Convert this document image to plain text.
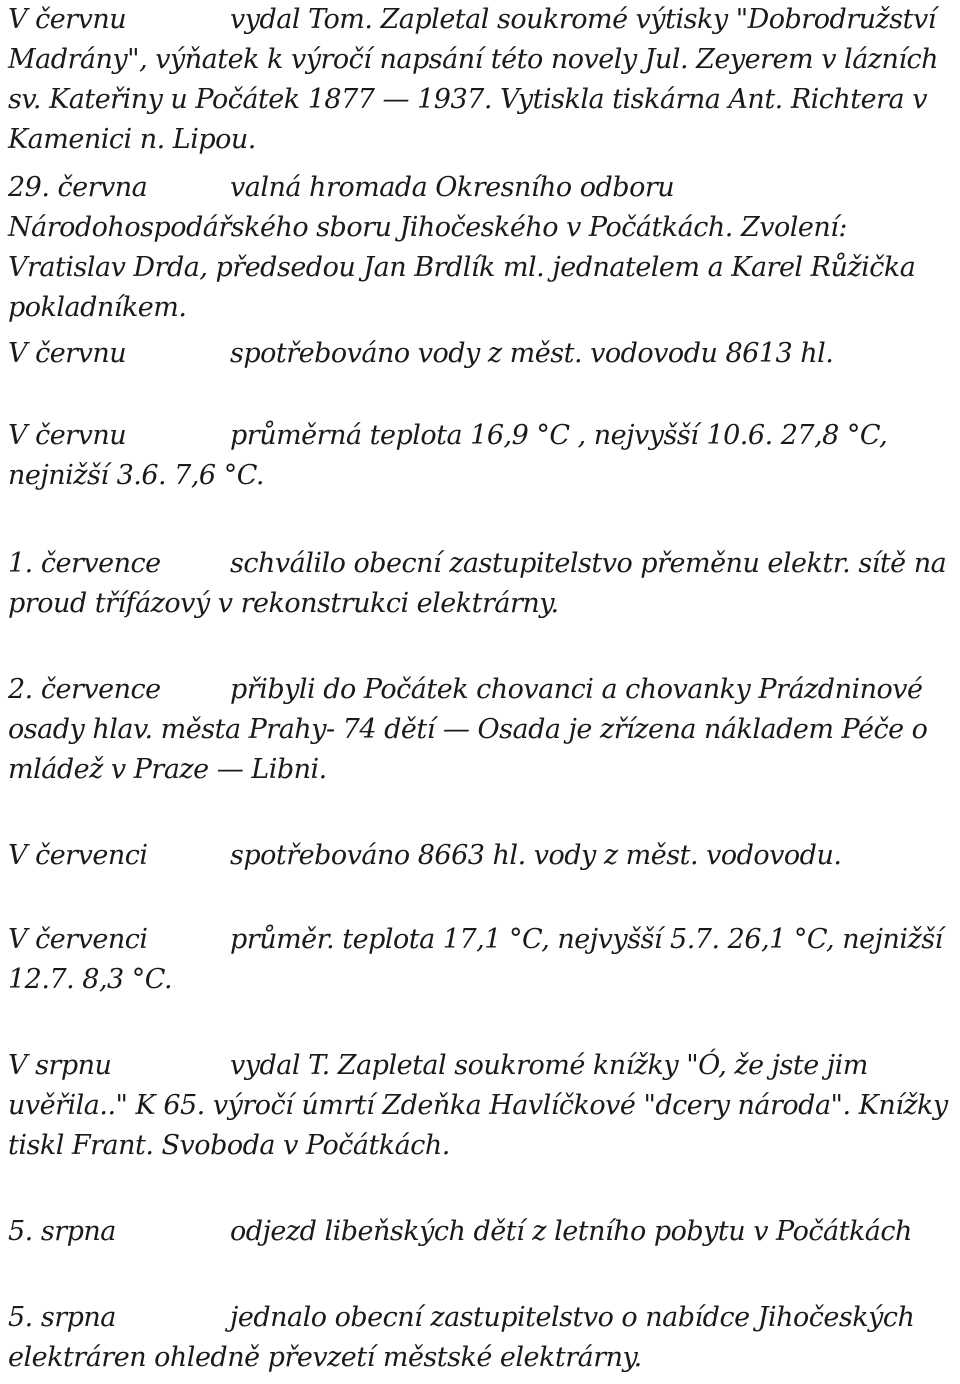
V červnu	vydal Tom. Zapletal soukromé výtisky "Dobrodružství Madrány", výňatek k výročí napsání této novely Jul. Zeyerem v lázních sv. Kateřiny u Počátek 1877 — 1937. Vytiskla tiskárna Ant. Richtera v Kamenici n. Lipou.
29. června	valná hromada Okresního odboru Národohospodářského sboru Jihočeského v Počátkách. Zvolení: Vratislav Drda, předsedou Jan Brdlík ml. jednatelem a Karel Růžička pokladníkem.
V červnu	spotřebováno vody z měst. vodovodu 8613 hl.
V červnu	průměrná teplota 16,9 °C , nejvyšší 10.6. 27,8 °C, nejnižší 3.6. 7,6 °C.
1. července	schválilo obecní zastupitelstvo přeměnu elektr. sítě na proud třífázový v rekonstrukci elektrárny.
2. července	přibyli do Počátek chovanci a chovanky Prázdninové osady hlav. města Prahy- 74 dětí — Osada je zřízena nákladem Péče o mládež v Praze — Libni.
V červenci	spotřebováno 8663 hl. vody z měst. vodovodu.
V červenci	průměr. teplota 17,1 °C, nejvyšší 5.7. 26,1 °C, nejnižší 12.7. 8,3 °C.
V srpnu	vydal T. Zapletal soukromé knížky "Ó, že jste jim uvěřila.." K 65. výročí úmrtí Zdeňka Havlíčkové "dcery národa". Knížky tiskl Frant. Svoboda v Počátkách.
5. srpna	odjezd libeňských dětí z letního pobytu v Počátkách
5. srpna	jednalo obecní zastupitelstvo o nabídce Jihočeských elektráren ohledně převzetí městské elektrárny.
